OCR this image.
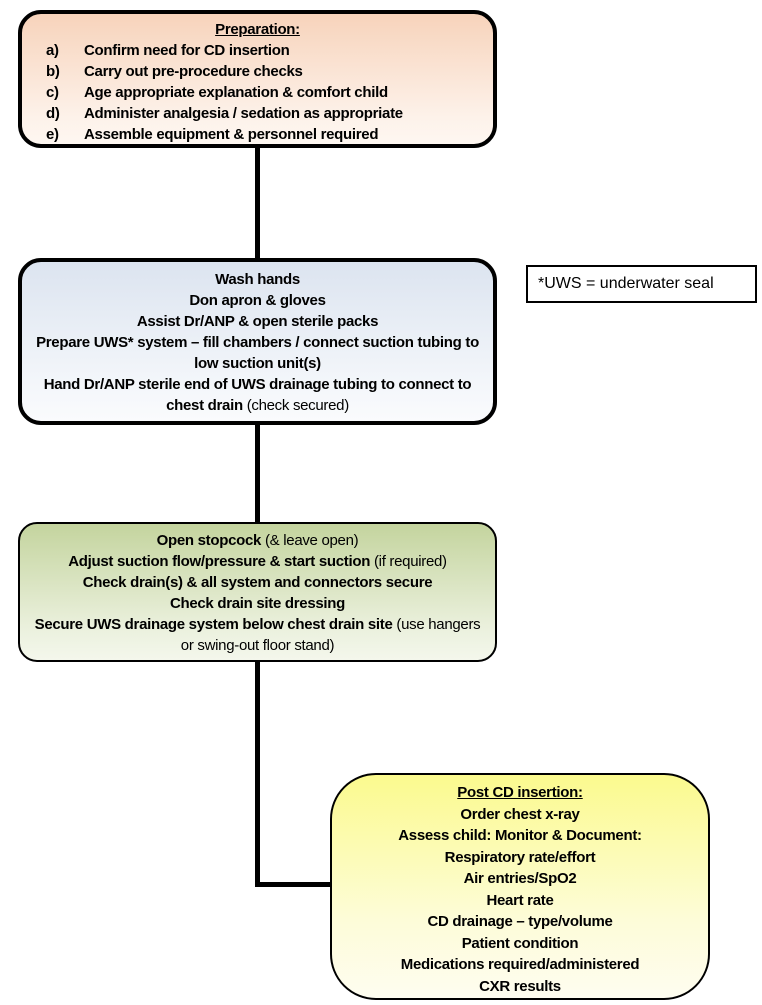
Preparation:
a)	Confirm need for CD insertion
b)	Carry out pre-procedure checks
c)	Age appropriate explanation & comfort child
d)	Administer analgesia / sedation as appropriate
e)	Assemble equipment & personnel required
Wash hands
Don apron & gloves
Assist Dr/ANP & open sterile packs
Prepare UWS* system – fill chambers / connect suction tubing to low suction unit(s)
Hand Dr/ANP sterile end of UWS drainage tubing to connect to chest drain (check secured)
*UWS = underwater seal
Open stopcock (& leave open)
Adjust suction flow/pressure & start suction (if required)
Check drain(s) & all system and connectors secure
Check drain site dressing
Secure UWS drainage system below chest drain site (use hangers or swing-out floor stand)
Post CD insertion:
Order chest x-ray
Assess child: Monitor & Document:
Respiratory rate/effort
Air entries/SpO2
Heart rate
CD drainage – type/volume
Patient condition
Medications required/administered
CXR results
